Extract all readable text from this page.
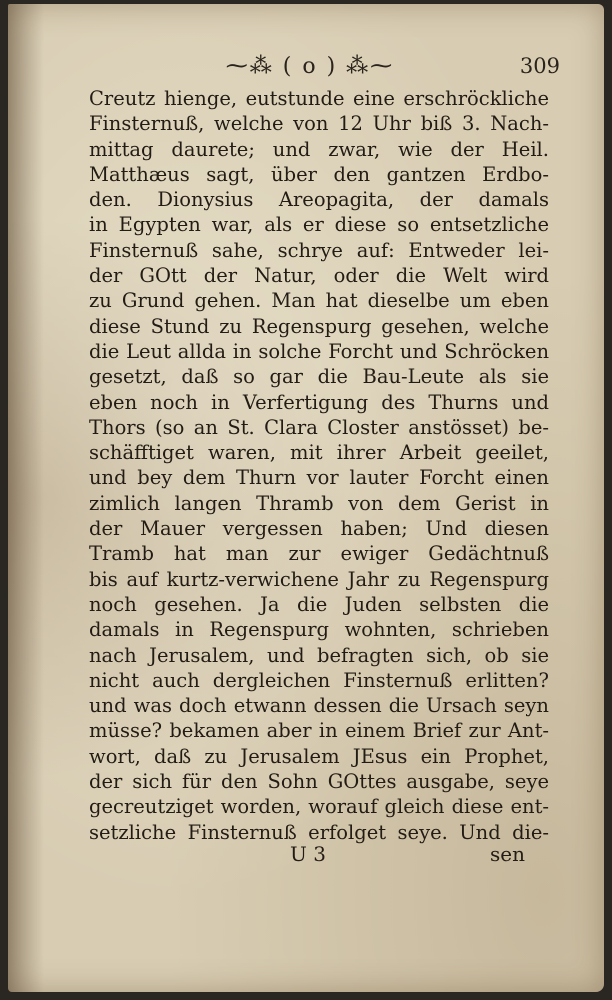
⁓⁂ ( o ) ⁂⁓	309
Creutz hienge, eutstunde eine erschröckliche
Finsternuß, welche von 12 Uhr biß 3. Nach-
mittag daurete; und zwar, wie der Heil.
Matthæus sagt, über den gantzen Erdbo-
den. Dionysius Areopagita, der damals
in Egypten war, als er diese so entsetzliche
Finsternuß sahe, schrye auf: Entweder lei-
der GOtt der Natur, oder die Welt wird
zu Grund gehen. Man hat dieselbe um eben
diese Stund zu Regenspurg gesehen, welche
die Leut allda in solche Forcht und Schröcken
gesetzt, daß so gar die Bau-Leute als sie
eben noch in Verfertigung des Thurns und
Thors (so an St. Clara Closter anstösset) be-
schäfftiget waren, mit ihrer Arbeit geeilet,
und bey dem Thurn vor lauter Forcht einen
zimlich langen Thramb von dem Gerist in
der Mauer vergessen haben; Und diesen
Tramb hat man zur ewiger Gedächtnuß
bis auf kurtz-verwichene Jahr zu Regenspurg
noch gesehen. Ja die Juden selbsten die
damals in Regenspurg wohnten, schrieben
nach Jerusalem, und befragten sich, ob sie
nicht auch dergleichen Finsternuß erlitten?
und was doch etwann dessen die Ursach seyn
müsse? bekamen aber in einem Brief zur Ant-
wort, daß zu Jerusalem JEsus ein Prophet,
der sich für den Sohn GOttes ausgabe, seye
gecreutziget worden, worauf gleich diese ent-
setzliche Finsternuß erfolget seye. Und die-
U 3	sen
